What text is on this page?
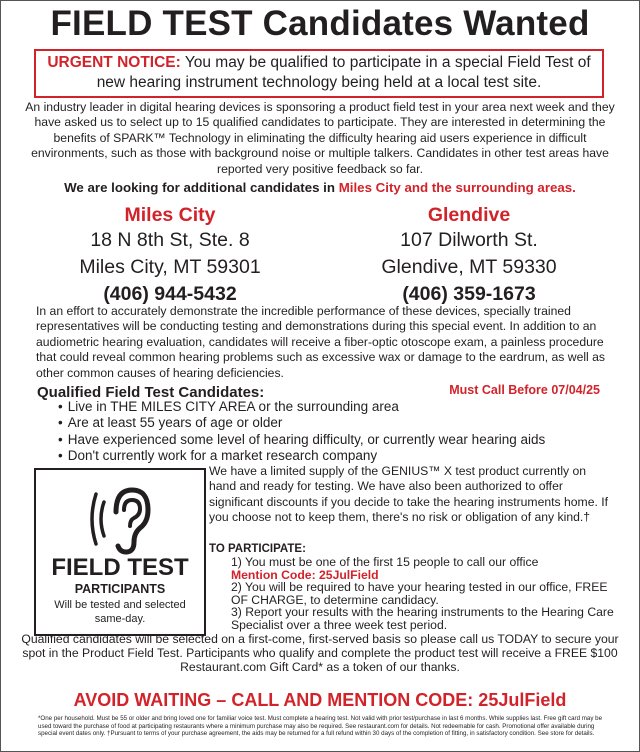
FIELD TEST Candidates Wanted
URGENT NOTICE: You may be qualified to participate in a special Field Test of new hearing instrument technology being held at a local test site.
An industry leader in digital hearing devices is sponsoring a product field test in your area next week and they have asked us to select up to 15 qualified candidates to participate. They are interested in determining the benefits of SPARK™ Technology in eliminating the difficulty hearing aid users experience in difficult environments, such as those with background noise or multiple talkers. Candidates in other test areas have reported very positive feedback so far.
We are looking for additional candidates in Miles City and the surrounding areas.
Miles City
18 N 8th St, Ste. 8
Miles City, MT 59301
(406) 944-5432
Glendive
107 Dilworth St.
Glendive, MT 59330
(406) 359-1673
In an effort to accurately demonstrate the incredible performance of these devices, specially trained representatives will be conducting testing and demonstrations during this special event. In addition to an audiometric hearing evaluation, candidates will receive a fiber-optic otoscope exam, a painless procedure that could reveal common hearing problems such as excessive wax or damage to the eardrum, as well as other common causes of hearing deficiencies.
Qualified Field Test Candidates:	Must Call Before 07/04/25
• Live in THE MILES CITY AREA or the surrounding area
• Are at least 55 years of age or older
• Have experienced some level of hearing difficulty, or currently wear hearing aids
• Don't currently work for a market research company
FIELD TEST
PARTICIPANTS
Will be tested and selected same-day.
We have a limited supply of the GENIUS™ X test product currently on hand and ready for testing. We have also been authorized to offer significant discounts if you decide to take the hearing instruments home. If you choose not to keep them, there's no risk or obligation of any kind.†
TO PARTICIPATE:
1) You must be one of the first 15 people to call our office
Mention Code: 25JulField
2) You will be required to have your hearing tested in our office, FREE OF CHARGE, to determine candidacy.
3) Report your results with the hearing instruments to the Hearing Care Specialist over a three week test period.
Qualified candidates will be selected on a first-come, first-served basis so please call us TODAY to secure your spot in the Product Field Test. Participants who qualify and complete the product test will receive a FREE $100 Restaurant.com Gift Card* as a token of our thanks.
AVOID WAITING – CALL AND MENTION CODE: 25JulField
*One per household. Must be 55 or older and bring loved one for familiar voice test. Must complete a hearing test. Not valid with prior test/purchase in last 6 months. While supplies last. Free gift card may be used toward the purchase of food at participating restaurants where a minimum purchase may also be required. See restaurant.com for details. Not redeemable for cash. Promotional offer available during special event dates only. †Pursuant to terms of your purchase agreement, the aids may be returned for a full refund within 30 days of the completion of fitting, in satisfactory condition. See store for details.
